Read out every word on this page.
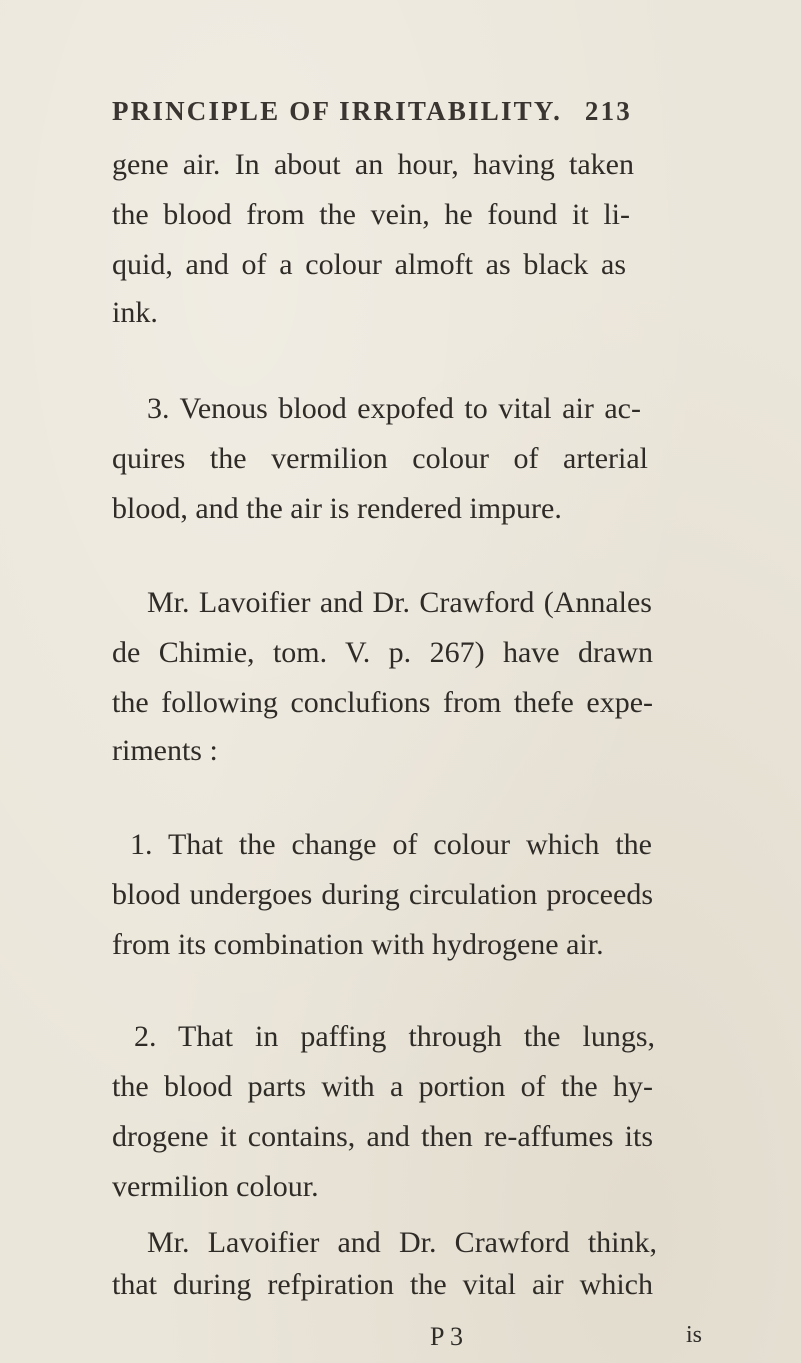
PRINCIPLE OF IRRITABILITY. 213
gene air. In about an hour, having taken
the blood from the vein, he found it li-
quid, and of a colour almoft as black as
ink.
3. Venous blood expofed to vital air ac-
quires the vermilion colour of arterial
blood, and the air is rendered impure.
Mr. Lavoifier and Dr. Crawford (Annales
de Chimie, tom. V. p. 267) have drawn
the following conclufions from thefe expe-
riments :
1. That the change of colour which the
blood undergoes during circulation proceeds
from its combination with hydrogene air.
2. That in paffing through the lungs,
the blood parts with a portion of the hy-
drogene it contains, and then re-affumes its
vermilion colour.
Mr. Lavoifier and Dr. Crawford think,
that during refpiration the vital air which
P 3	is
